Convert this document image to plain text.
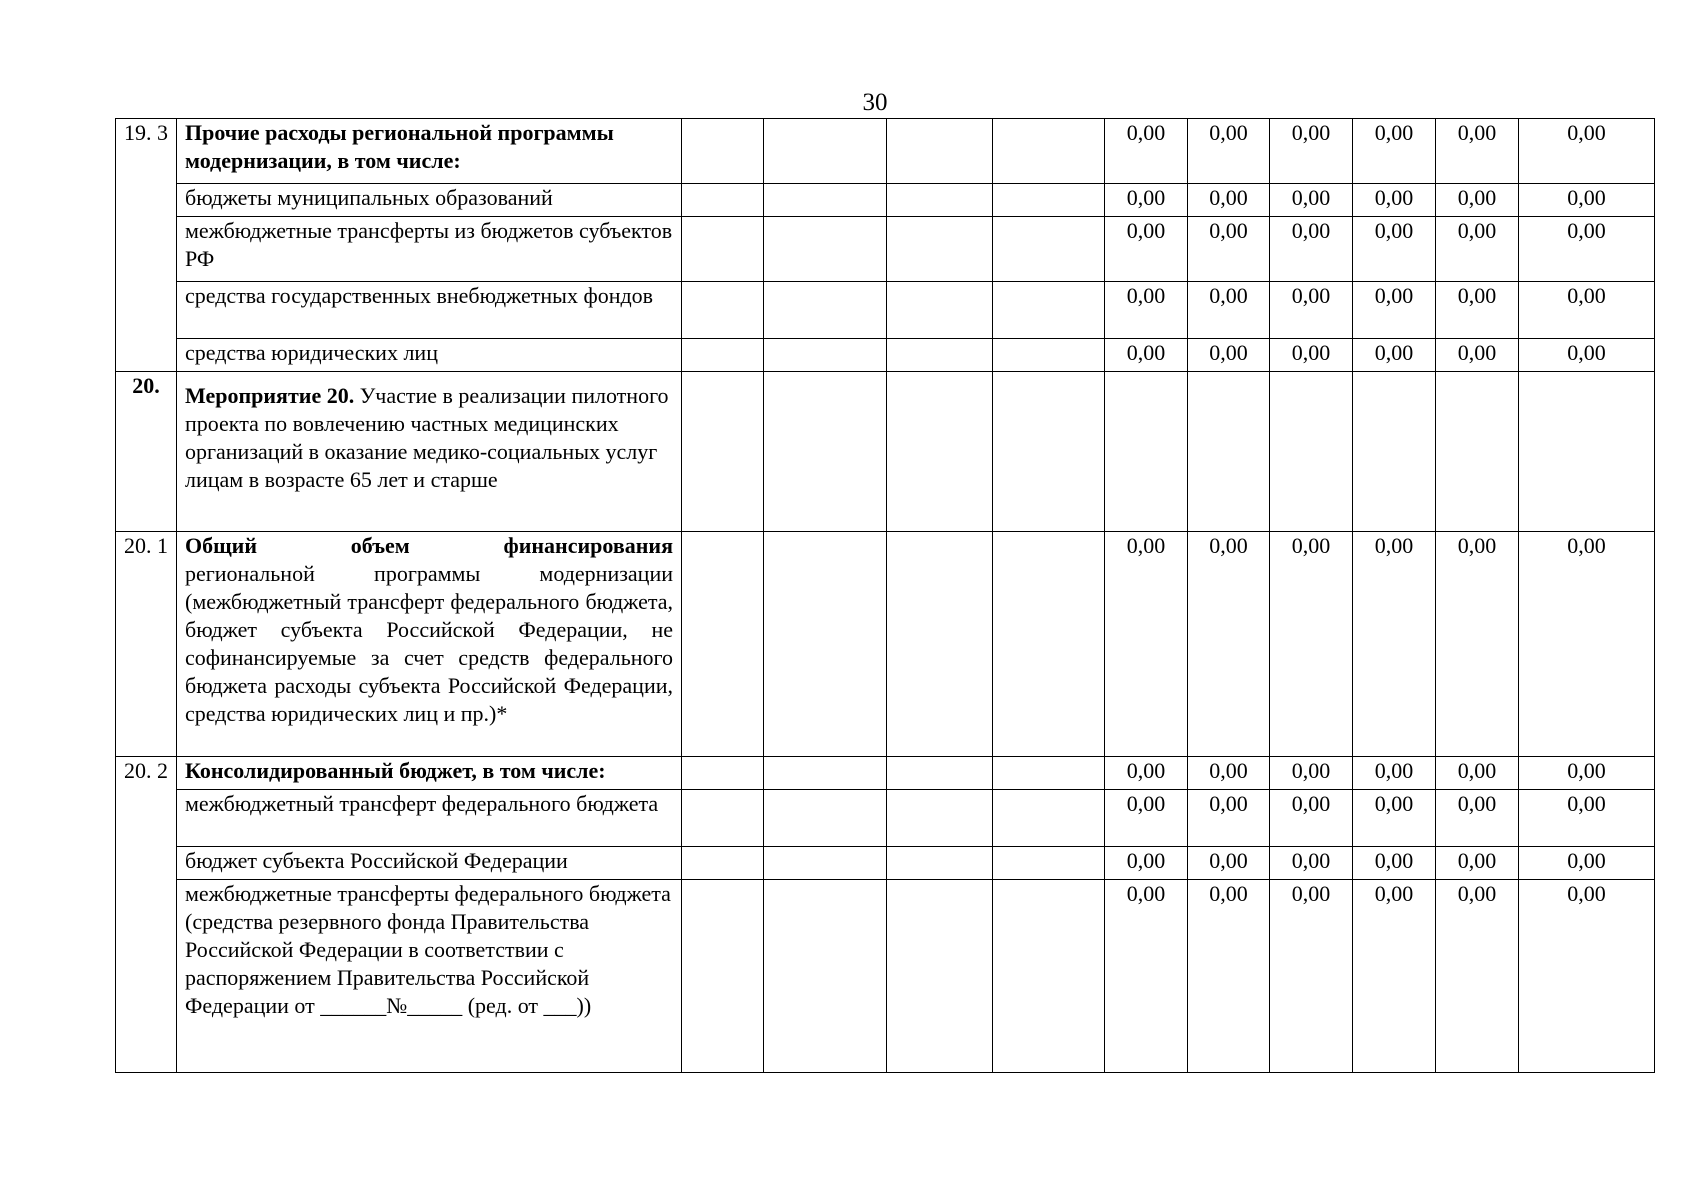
30
19. 3	Прочие расходы региональной программы модернизации, в том числе:					0,00	0,00	0,00	0,00	0,00	0,00
	бюджеты муниципальных образований					0,00	0,00	0,00	0,00	0,00	0,00
	межбюджетные трансферты из бюджетов субъектов РФ					0,00	0,00	0,00	0,00	0,00	0,00
	средства государственных внебюджетных фондов					0,00	0,00	0,00	0,00	0,00	0,00
	средства юридических лиц					0,00	0,00	0,00	0,00	0,00	0,00
20.	Мероприятие 20. Участие в реализации пилотного проекта по вовлечению частных медицинских организаций в оказание медико-социальных услуг лицам в возрасте 65 лет и старше										
20. 1	Общий объем финансирования региональной программы модернизации (межбюджетный трансферт федерального бюджета, бюджет субъекта Российской Федерации, не софинансируемые за счет средств федерального бюджета расходы субъекта Российской Федерации, средства юридических лиц и пр.)*					0,00	0,00	0,00	0,00	0,00	0,00
20. 2	Консолидированный бюджет, в том числе:					0,00	0,00	0,00	0,00	0,00	0,00
	межбюджетный трансферт федерального бюджета					0,00	0,00	0,00	0,00	0,00	0,00
	бюджет субъекта Российской Федерации					0,00	0,00	0,00	0,00	0,00	0,00
	межбюджетные трансферты федерального бюджета (средства резервного фонда Правительства Российской Федерации в соответствии с распоряжением Правительства Российской Федерации от ______№_____ (ред. от ___))					0,00	0,00	0,00	0,00	0,00	0,00
